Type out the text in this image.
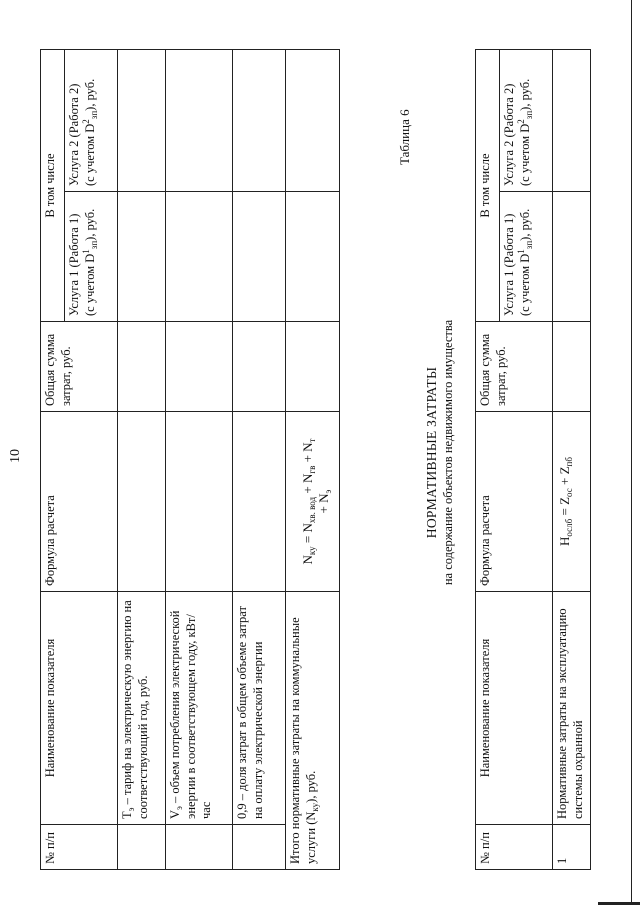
10
№ п/п	Наименование показателя	Формула расчета	Общая сумма затрат, руб.	В том числе	
				Услуга 1 (Работа 1) (с учетом $D^1_{зп}$), руб.	Услуга 2 (Работа 2) (с учетом $D^2_{зп}$), руб.
	$Т_э$ – тариф на электрическую энергию на соответствующий год, руб.				
	$V_э$ – объем потребления электрической энергии в соответствующем году, кВт/час				
	0,9 – доля затрат в общем объеме затрат на оплату электрической энергии				
Итого нормативные затраты на коммунальные услуги $(N_{ку})$, руб.		$N_{ку} = N_{хв. вод} + N_{гв} + N_т$
+ $N_э$			
Таблица 6
НОРМАТИВНЫЕ ЗАТРАТЫ на содержание объектов недвижимого имущества
№ п/п	Наименование показателя	Формула расчета	Общая сумма затрат, руб.	В том числе	
				Услуга 1 (Работа 1) (с учетом $D^1_{зп}$), руб.	Услуга 2 (Работа 2) (с учетом $D^2_{зп}$), руб.
1	Нормативные затраты на эксплуатацию системы охранной	$Н_{ослб} = Z_{ос} + Z_{пб}$			
